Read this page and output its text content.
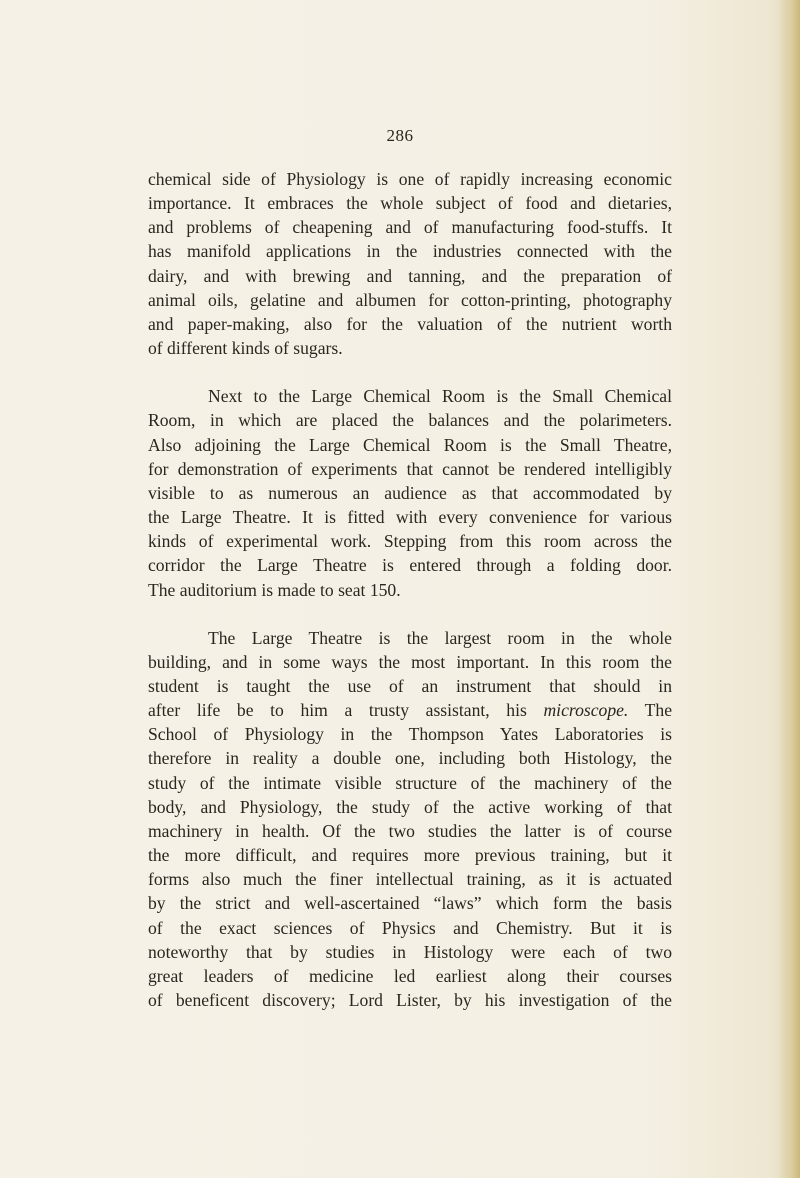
286

chemical side of Physiology is one of rapidly increasing economic
importance. It embraces the whole subject of food and dietaries,
and problems of cheapening and of manufacturing food-stuffs. It
has manifold applications in the industries connected with the
dairy, and with brewing and tanning, and the preparation of
animal oils, gelatine and albumen for cotton-printing, photography
and paper-making, also for the valuation of the nutrient worth
of different kinds of sugars.

Next to the Large Chemical Room is the Small Chemical
Room, in which are placed the balances and the polarimeters.
Also adjoining the Large Chemical Room is the Small Theatre,
for demonstration of experiments that cannot be rendered intelligibly
visible to as numerous an audience as that accommodated by
the Large Theatre. It is fitted with every convenience for various
kinds of experimental work. Stepping from this room across the
corridor the Large Theatre is entered through a folding door.
The auditorium is made to seat 150.

The Large Theatre is the largest room in the whole
building, and in some ways the most important. In this room the
student is taught the use of an instrument that should in
after life be to him a trusty assistant, his microscope. The
School of Physiology in the Thompson Yates Laboratories is
therefore in reality a double one, including both Histology, the
study of the intimate visible structure of the machinery of the
body, and Physiology, the study of the active working of that
machinery in health. Of the two studies the latter is of course
the more difficult, and requires more previous training, but it
forms also much the finer intellectual training, as it is actuated
by the strict and well-ascertained “laws” which form the basis
of the exact sciences of Physics and Chemistry. But it is
noteworthy that by studies in Histology were each of two
great leaders of medicine led earliest along their courses
of beneficent discovery; Lord Lister, by his investigation of the
